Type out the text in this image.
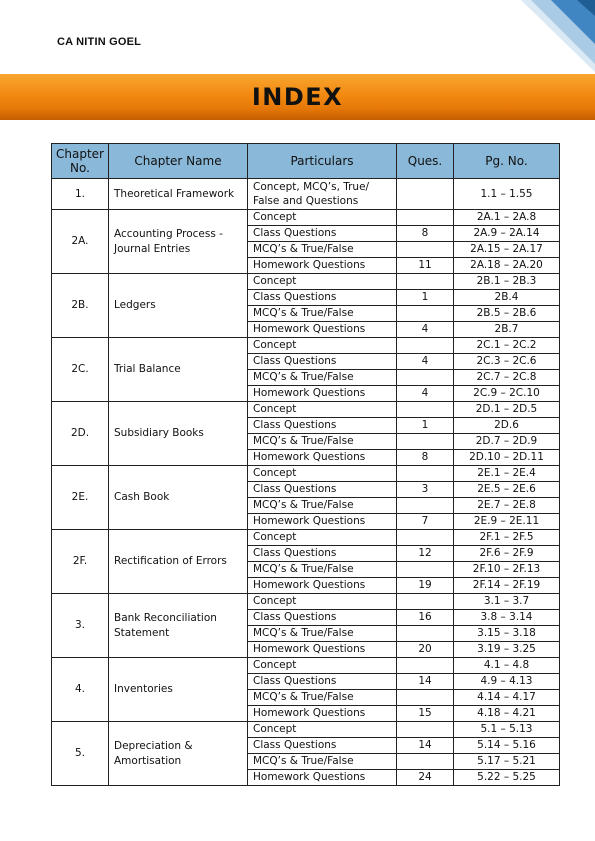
CA NITIN GOEL
INDEX
Chapter No.	Chapter Name	Particulars	Ques.	Pg. No.
1.	Theoretical Framework	Concept, MCQ’s, True/ False and Questions		1.1 – 1.55
2A.	Accounting Process - Journal Entries	Concept		2A.1 – 2A.8
		Class Questions	8	2A.9 – 2A.14
		MCQ’s & True/False		2A.15 – 2A.17
		Homework Questions	11	2A.18 – 2A.20
2B.	Ledgers	Concept		2B.1 – 2B.3
		Class Questions	1	2B.4
		MCQ’s & True/False		2B.5 – 2B.6
		Homework Questions	4	2B.7
2C.	Trial Balance	Concept		2C.1 – 2C.2
		Class Questions	4	2C.3 – 2C.6
		MCQ’s & True/False		2C.7 – 2C.8
		Homework Questions	4	2C.9 – 2C.10
2D.	Subsidiary Books	Concept		2D.1 – 2D.5
		Class Questions	1	2D.6
		MCQ’s & True/False		2D.7 – 2D.9
		Homework Questions	8	2D.10 – 2D.11
2E.	Cash Book	Concept		2E.1 – 2E.4
		Class Questions	3	2E.5 – 2E.6
		MCQ’s & True/False		2E.7 – 2E.8
		Homework Questions	7	2E.9 – 2E.11
2F.	Rectification of Errors	Concept		2F.1 – 2F.5
		Class Questions	12	2F.6 – 2F.9
		MCQ’s & True/False		2F.10 – 2F.13
		Homework Questions	19	2F.14 – 2F.19
3.	Bank Reconciliation Statement	Concept		3.1 – 3.7
		Class Questions	16	3.8 – 3.14
		MCQ’s & True/False		3.15 – 3.18
		Homework Questions	20	3.19 – 3.25
4.	Inventories	Concept		4.1 – 4.8
		Class Questions	14	4.9 – 4.13
		MCQ’s & True/False		4.14 – 4.17
		Homework Questions	15	4.18 – 4.21
5.	Depreciation & Amortisation	Concept		5.1 – 5.13
		Class Questions	14	5.14 – 5.16
		MCQ’s & True/False		5.17 – 5.21
		Homework Questions	24	5.22 – 5.25
